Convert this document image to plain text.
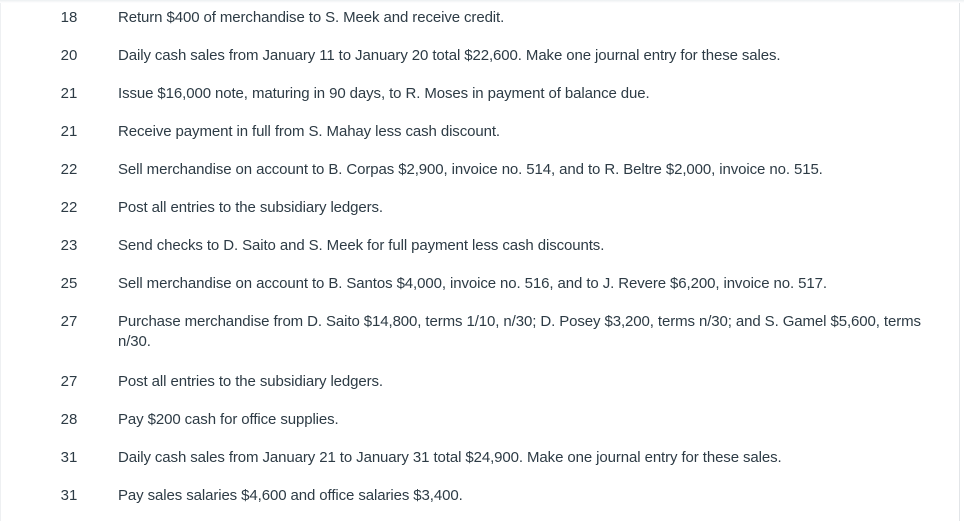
18	Return $400 of merchandise to S. Meek and receive credit.
20	Daily cash sales from January 11 to January 20 total $22,600. Make one journal entry for these sales.
21	Issue $16,000 note, maturing in 90 days, to R. Moses in payment of balance due.
21	Receive payment in full from S. Mahay less cash discount.
22	Sell merchandise on account to B. Corpas $2,900, invoice no. 514, and to R. Beltre $2,000, invoice no. 515.
22	Post all entries to the subsidiary ledgers.
23	Send checks to D. Saito and S. Meek for full payment less cash discounts.
25	Sell merchandise on account to B. Santos $4,000, invoice no. 516, and to J. Revere $6,200, invoice no. 517.
27	Purchase merchandise from D. Saito $14,800, terms 1/10, n/30; D. Posey $3,200, terms n/30; and S. Gamel $5,600, terms n/30.
27	Post all entries to the subsidiary ledgers.
28	Pay $200 cash for office supplies.
31	Daily cash sales from January 21 to January 31 total $24,900. Make one journal entry for these sales.
31	Pay sales salaries $4,600 and office salaries $3,400.
